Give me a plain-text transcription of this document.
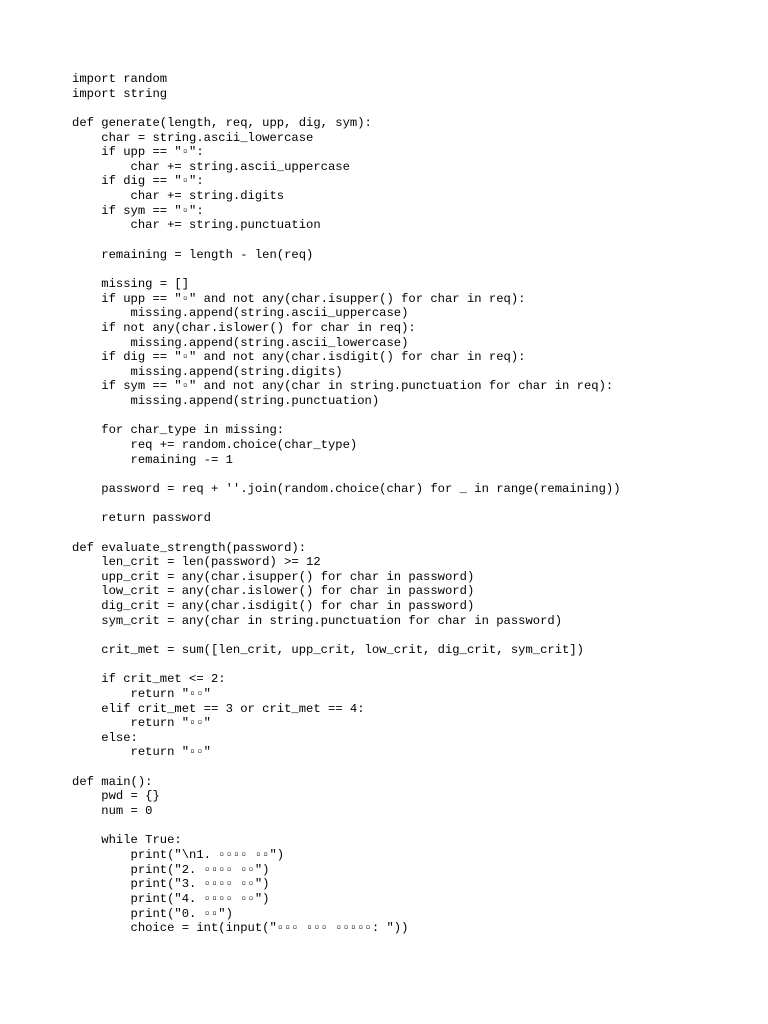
import random
import string
def generate(length, req, upp, dig, sym):
char = string.ascii_lowercase
if upp == "▫":
char += string.ascii_uppercase
if dig == "▫":
char += string.digits
if sym == "▫":
char += string.punctuation
remaining = length - len(req)
missing = []
if upp == "▫" and not any(char.isupper() for char in req):
missing.append(string.ascii_uppercase)
if not any(char.islower() for char in req):
missing.append(string.ascii_lowercase)
if dig == "▫" and not any(char.isdigit() for char in req):
missing.append(string.digits)
if sym == "▫" and not any(char in string.punctuation for char in req):
missing.append(string.punctuation)
for char_type in missing:
req += random.choice(char_type)
remaining -= 1
password = req + ''.join(random.choice(char) for _ in range(remaining))
return password
def evaluate_strength(password):
len_crit = len(password) >= 12
upp_crit = any(char.isupper() for char in password)
low_crit = any(char.islower() for char in password)
dig_crit = any(char.isdigit() for char in password)
sym_crit = any(char in string.punctuation for char in password)
crit_met = sum([len_crit, upp_crit, low_crit, dig_crit, sym_crit])
if crit_met <= 2:
return "▫▫"
elif crit_met == 3 or crit_met == 4:
return "▫▫"
else:
return "▫▫"
def main():
pwd = {}
num = 0
while True:
print("\n1. ▫▫▫▫ ▫▫")
print("2. ▫▫▫▫ ▫▫")
print("3. ▫▫▫▫ ▫▫")
print("4. ▫▫▫▫ ▫▫")
print("0. ▫▫")
choice = int(input("▫▫▫ ▫▫▫ ▫▫▫▫▫: "))
